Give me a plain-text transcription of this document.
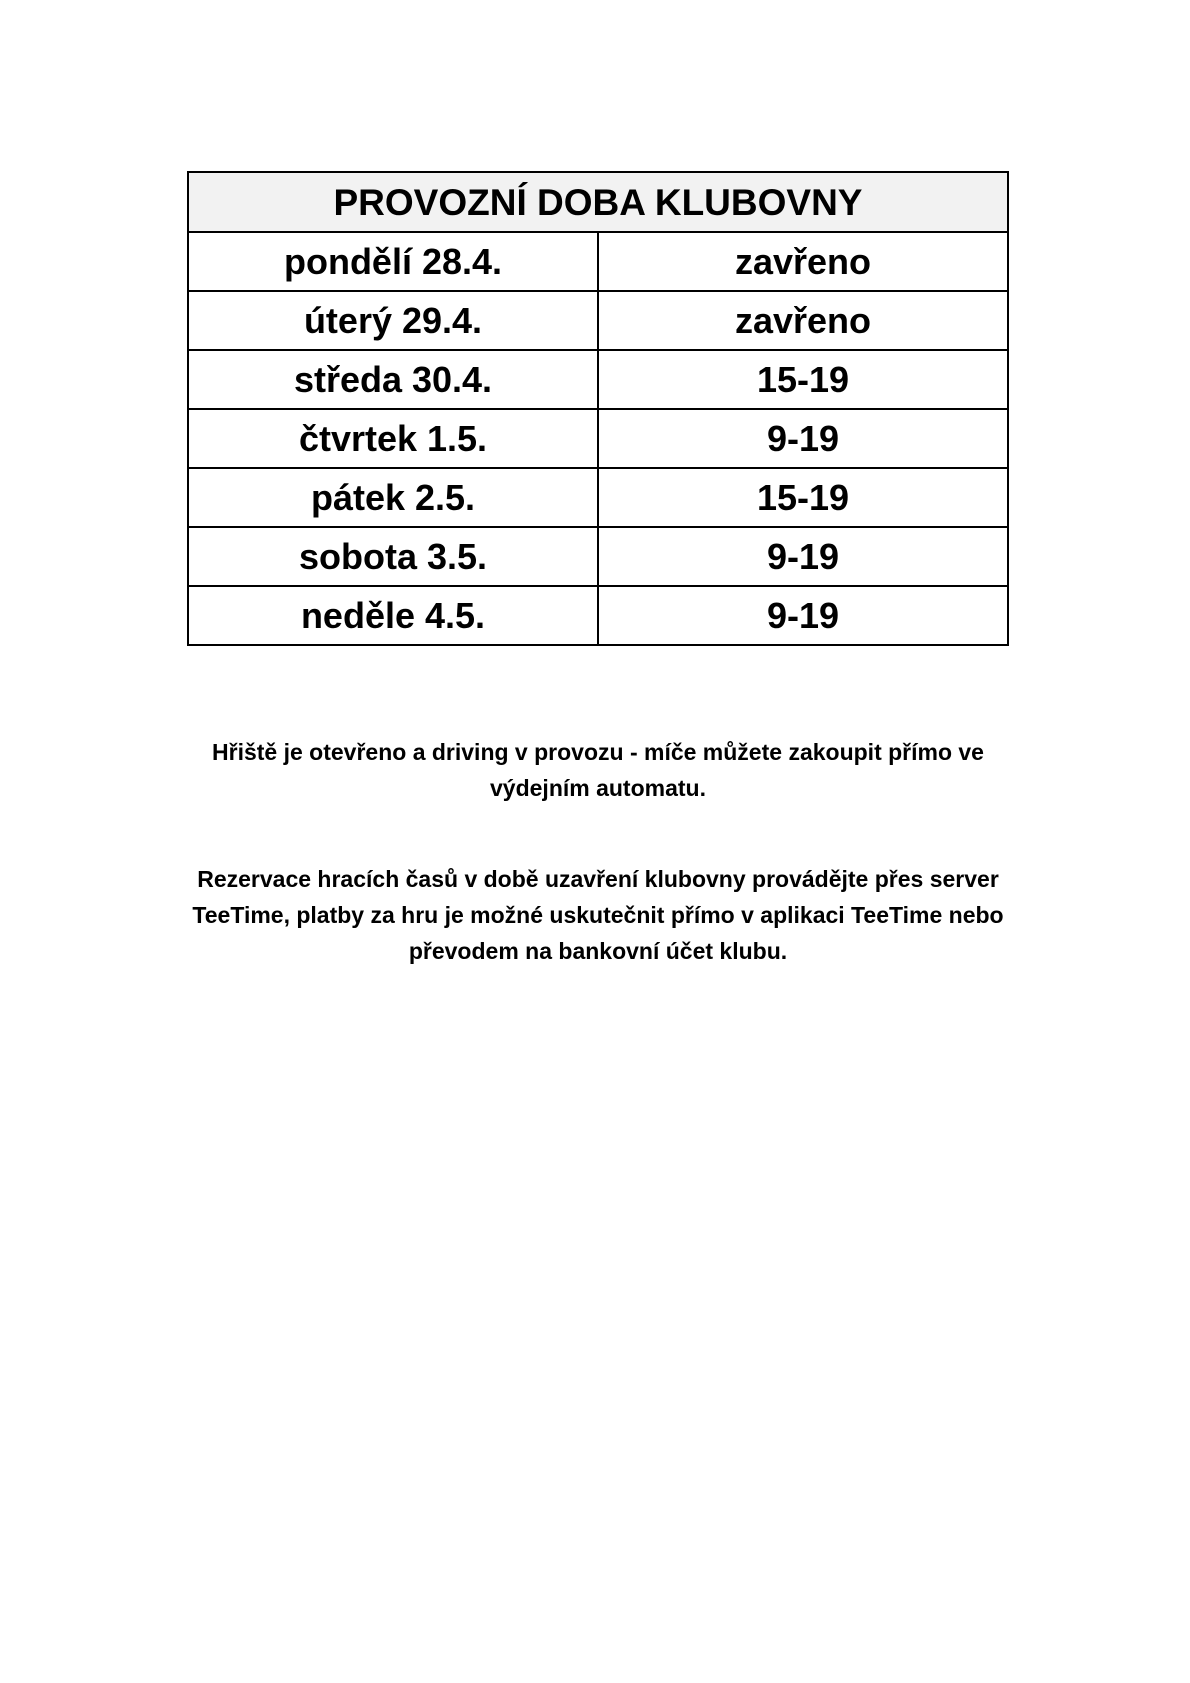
PROVOZNÍ DOBA KLUBOVNY	
pondělí 28.4.	zavřeno
úterý 29.4.	zavřeno
středa 30.4.	15-19
čtvrtek 1.5.	9-19
pátek 2.5.	15-19
sobota 3.5.	9-19
neděle 4.5.	9-19

Hřiště je otevřeno a driving v provozu - míče můžete zakoupit přímo ve výdejním automatu.

Rezervace hracích časů v době uzavření klubovny provádějte přes server TeeTime, platby za hru je možné uskutečnit přímo v aplikaci TeeTime nebo převodem na bankovní účet klubu.
